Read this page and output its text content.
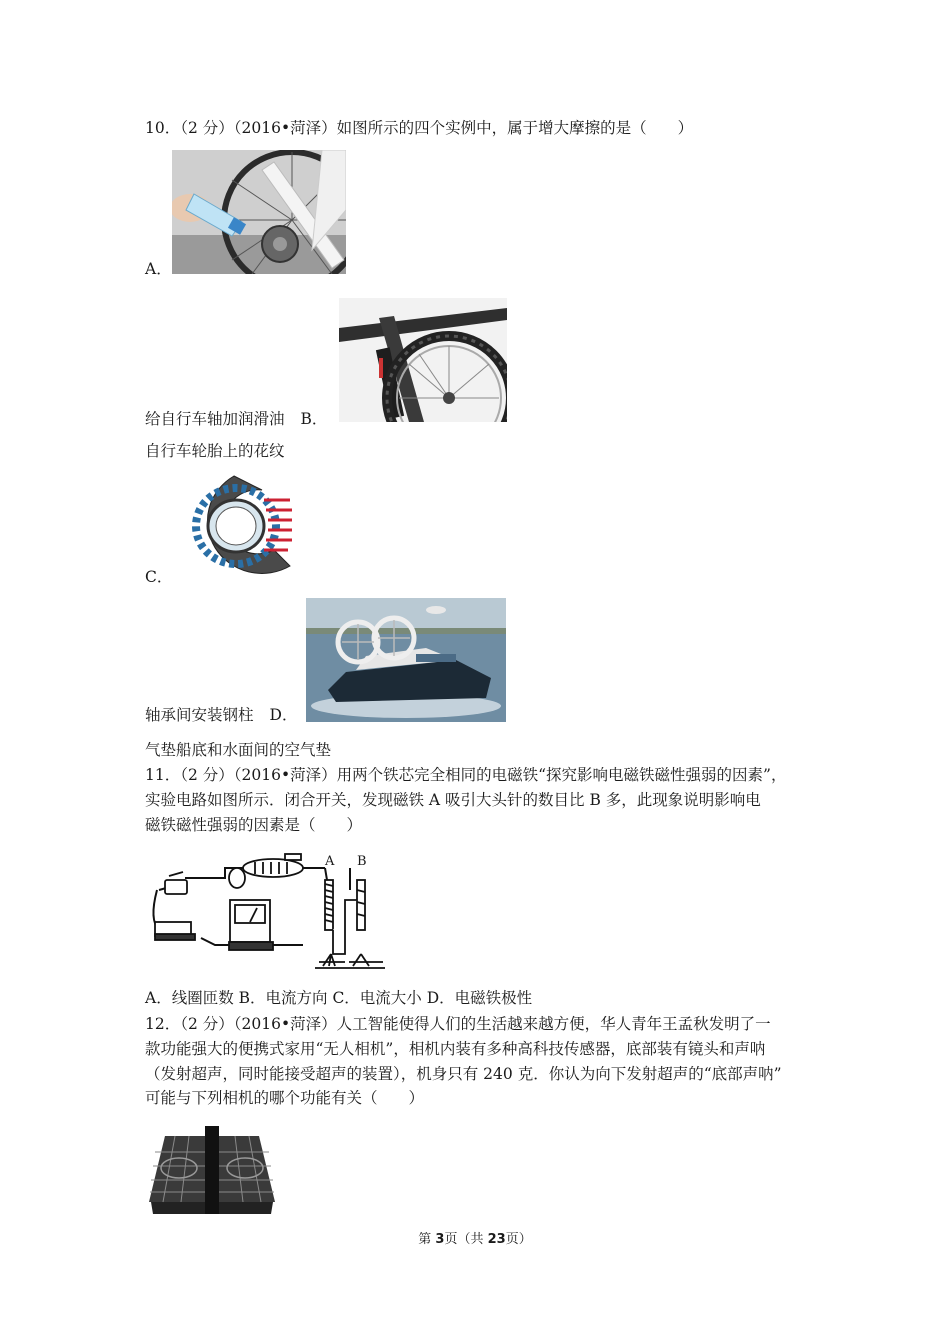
10．（2 分）（2016•菏泽）如图所示的四个实例中，属于增大摩擦的是（　　）
A．
给自行车轴加润滑油 B．
自行车轮胎上的花纹
C．
轴承间安装钢柱 D．
气垫船底和水面间的空气垫
11．（2 分）（2016•菏泽）用两个铁芯完全相同的电磁铁“探究影响电磁铁磁性强弱的因素”，
实验电路如图所示．闭合开关，发现磁铁 A 吸引大头针的数目比 B 多，此现象说明影响电
磁铁磁性强弱的因素是（　　）
A B
A．线圈匝数 B．电流方向 C．电流大小 D．电磁铁极性
12．（2 分）（2016•菏泽）人工智能使得人们的生活越来越方便，华人青年王孟秋发明了一
款功能强大的便携式家用“无人相机”，相机内装有多种高科技传感器，底部装有镜头和声呐
（发射超声，同时能接受超声的装置），机身只有 240 克．你认为向下发射超声的“底部声呐”
可能与下列相机的哪个功能有关（　　）
第 3页（共 23页）
